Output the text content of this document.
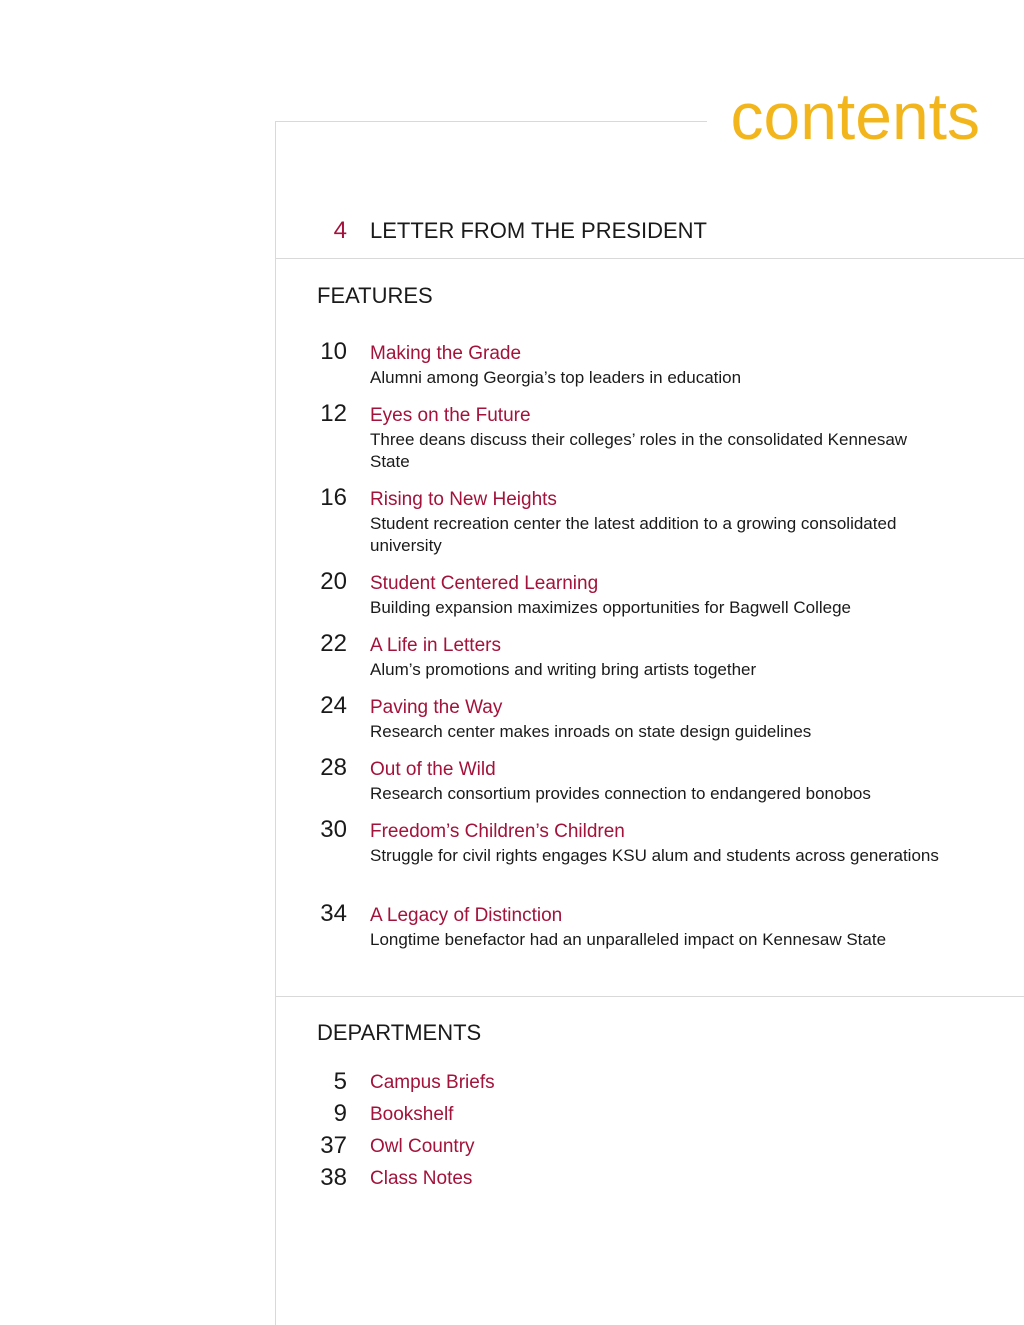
contents
4 LETTER FROM THE PRESIDENT
FEATURES
10 Making the Grade
Alumni among Georgia’s top leaders in education
12 Eyes on the Future
Three deans discuss their colleges’ roles in the consolidated Kennesaw State
16 Rising to New Heights
Student recreation center the latest addition to a growing consolidated university
20 Student Centered Learning
Building expansion maximizes opportunities for Bagwell College
22 A Life in Letters
Alum’s promotions and writing bring artists together
24 Paving the Way
Research center makes inroads on state design guidelines
28 Out of the Wild
Research consortium provides connection to endangered bonobos
30 Freedom’s Children’s Children
Struggle for civil rights engages KSU alum and students across generations
34 A Legacy of Distinction
Longtime benefactor had an unparalleled impact on Kennesaw State
DEPARTMENTS
5 Campus Briefs
9 Bookshelf
37 Owl Country
38 Class Notes
